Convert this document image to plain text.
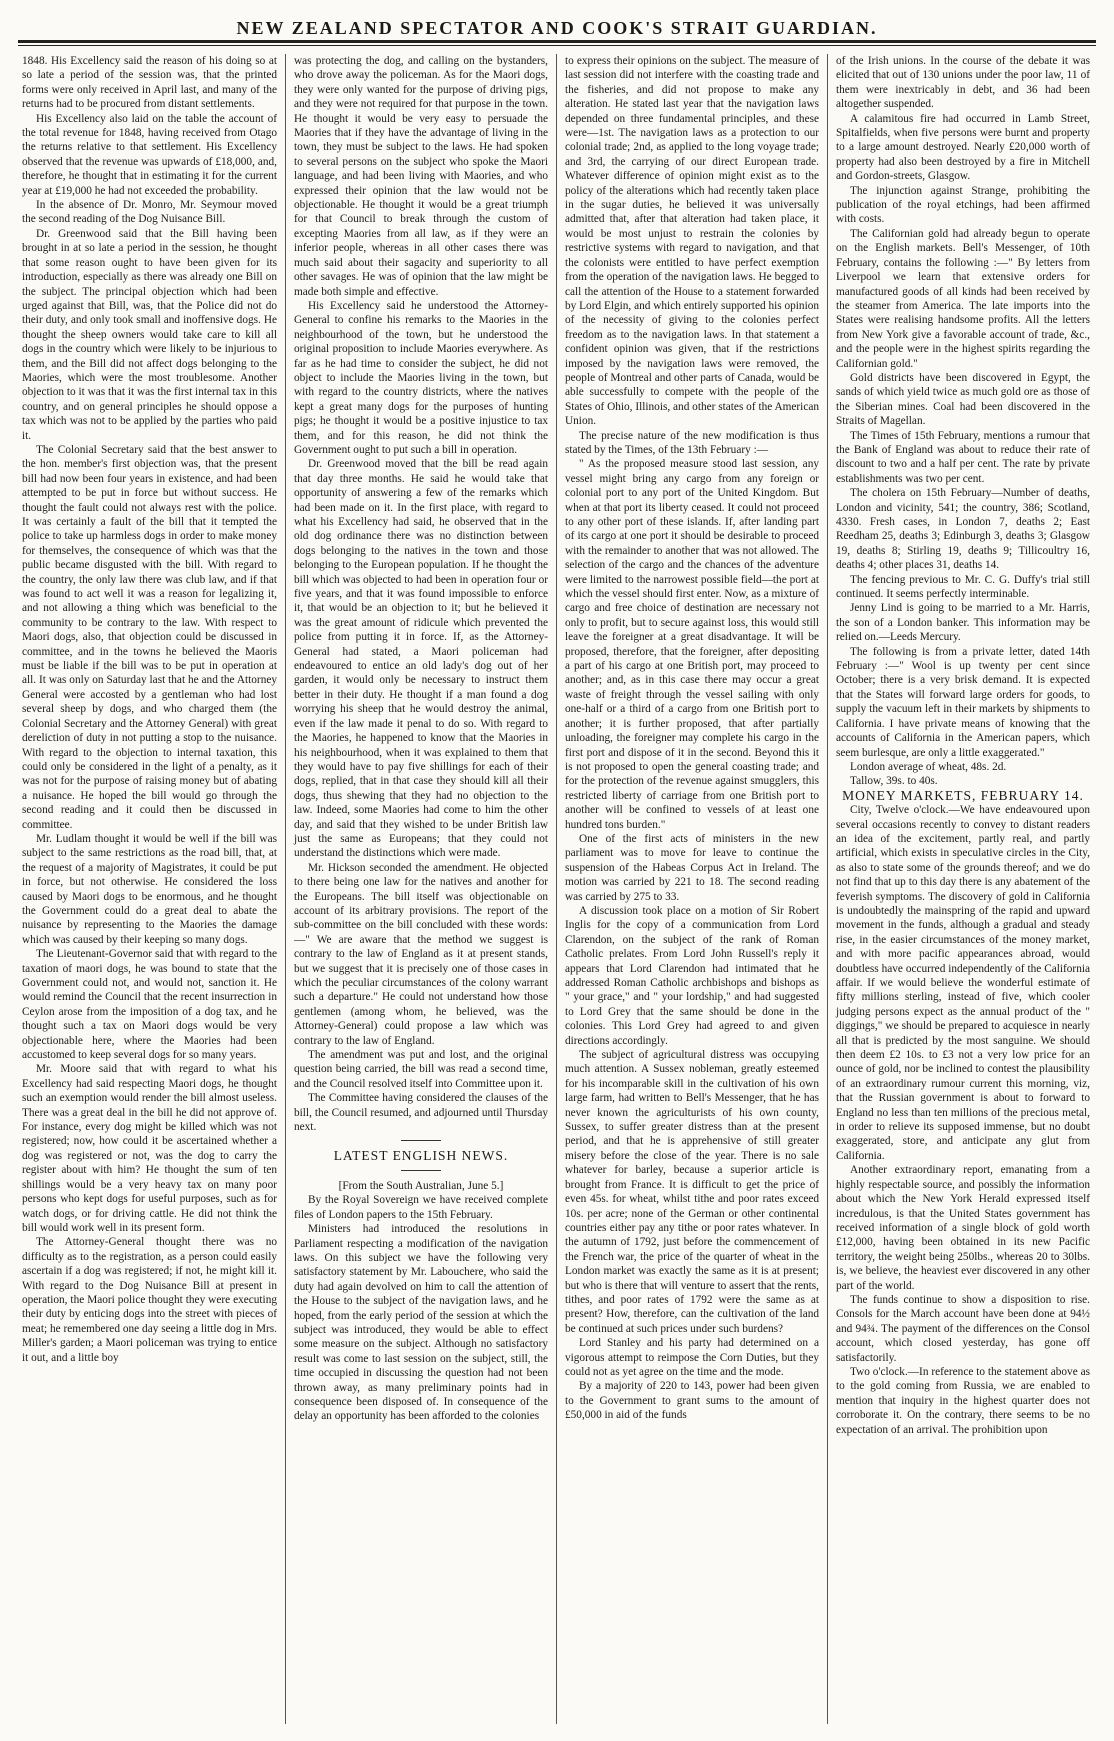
NEW ZEALAND SPECTATOR AND COOK'S STRAIT GUARDIAN.

1848. His Excellency said the reason of his doing so at so late a period of the session was, that the printed forms were only received in April last, and many of the returns had to be procured from distant settlements.

His Excellency also laid on the table the account of the total revenue for 1848, having received from Otago the returns relative to that settlement. His Excellency observed that the revenue was upwards of £18,000, and, therefore, he thought that in estimating it for the current year at £19,000 he had not exceeded the probability.

In the absence of Dr. Monro, Mr. Seymour moved the second reading of the Dog Nuisance Bill.

Dr. Greenwood said that the Bill having been brought in at so late a period in the session, he thought that some reason ought to have been given for its introduction, especially as there was already one Bill on the subject. The principal objection which had been urged against that Bill, was, that the Police did not do their duty, and only took small and inoffensive dogs. He thought the sheep owners would take care to kill all dogs in the country which were likely to be injurious to them, and the Bill did not affect dogs belonging to the Maories, which were the most troublesome. Another objection to it was that it was the first internal tax in this country, and on general principles he should oppose a tax which was not to be applied by the parties who paid it.

The Colonial Secretary said that the best answer to the hon. member's first objection was, that the present bill had now been four years in existence, and had been attempted to be put in force but without success. He thought the fault could not always rest with the police. It was certainly a fault of the bill that it tempted the police to take up harmless dogs in order to make money for themselves, the consequence of which was that the public became disgusted with the bill. With regard to the country, the only law there was club law, and if that was found to act well it was a reason for legalizing it, and not allowing a thing which was beneficial to the community to be contrary to the law. With respect to Maori dogs, also, that objection could be discussed in committee, and in the towns he believed the Maoris must be liable if the bill was to be put in operation at all. It was only on Saturday last that he and the Attorney General were accosted by a gentleman who had lost several sheep by dogs, and who charged them (the Colonial Secretary and the Attorney General) with great dereliction of duty in not putting a stop to the nuisance. With regard to the objection to internal taxation, this could only be considered in the light of a penalty, as it was not for the purpose of raising money but of abating a nuisance. He hoped the bill would go through the second reading and it could then be discussed in committee.

Mr. Ludlam thought it would be well if the bill was subject to the same restrictions as the road bill, that, at the request of a majority of Magistrates, it could be put in force, but not otherwise. He considered the loss caused by Maori dogs to be enormous, and he thought the Government could do a great deal to abate the nuisance by representing to the Maories the damage which was caused by their keeping so many dogs.

The Lieutenant-Governor said that with regard to the taxation of maori dogs, he was bound to state that the Government could not, and would not, sanction it. He would remind the Council that the recent insurrection in Ceylon arose from the imposition of a dog tax, and he thought such a tax on Maori dogs would be very objectionable here, where the Maories had been accustomed to keep several dogs for so many years.

Mr. Moore said that with regard to what his Excellency had said respecting Maori dogs, he thought such an exemption would render the bill almost useless. There was a great deal in the bill he did not approve of. For instance, every dog might be killed which was not registered; now, how could it be ascertained whether a dog was registered or not, was the dog to carry the register about with him? He thought the sum of ten shillings would be a very heavy tax on many poor persons who kept dogs for useful purposes, such as for watch dogs, or for driving cattle. He did not think the bill would work well in its present form.

The Attorney-General thought there was no difficulty as to the registration, as a person could easily ascertain if a dog was registered; if not, he might kill it. With regard to the Dog Nuisance Bill at present in operation, the Maori police thought they were executing their duty by enticing dogs into the street with pieces of meat; he remembered one day seeing a little dog in Mrs. Miller's garden; a Maori policeman was trying to entice it out, and a little boy

was protecting the dog, and calling on the bystanders, who drove away the policeman. As for the Maori dogs, they were only wanted for the purpose of driving pigs, and they were not required for that purpose in the town. He thought it would be very easy to persuade the Maories that if they have the advantage of living in the town, they must be subject to the laws. He had spoken to several persons on the subject who spoke the Maori language, and had been living with Maories, and who expressed their opinion that the law would not be objectionable. He thought it would be a great triumph for that Council to break through the custom of excepting Maories from all law, as if they were an inferior people, whereas in all other cases there was much said about their sagacity and superiority to all other savages. He was of opinion that the law might be made both simple and effective.

His Excellency said he understood the Attorney-General to confine his remarks to the Maories in the neighbourhood of the town, but he understood the original proposition to include Maories everywhere. As far as he had time to consider the subject, he did not object to include the Maories living in the town, but with regard to the country districts, where the natives kept a great many dogs for the purposes of hunting pigs; he thought it would be a positive injustice to tax them, and for this reason, he did not think the Government ought to put such a bill in operation.

Dr. Greenwood moved that the bill be read again that day three months. He said he would take that opportunity of answering a few of the remarks which had been made on it. In the first place, with regard to what his Excellency had said, he observed that in the old dog ordinance there was no distinction between dogs belonging to the natives in the town and those belonging to the European population. If he thought the bill which was objected to had been in operation four or five years, and that it was found impossible to enforce it, that would be an objection to it; but he believed it was the great amount of ridicule which prevented the police from putting it in force. If, as the Attorney-General had stated, a Maori policeman had endeavoured to entice an old lady's dog out of her garden, it would only be necessary to instruct them better in their duty. He thought if a man found a dog worrying his sheep that he would destroy the animal, even if the law made it penal to do so. With regard to the Maories, he happened to know that the Maories in his neighbourhood, when it was explained to them that they would have to pay five shillings for each of their dogs, replied, that in that case they should kill all their dogs, thus shewing that they had no objection to the law. Indeed, some Maories had come to him the other day, and said that they wished to be under British law just the same as Europeans; that they could not understand the distinctions which were made.

Mr. Hickson seconded the amendment. He objected to there being one law for the natives and another for the Europeans. The bill itself was objectionable on account of its arbitrary provisions. The report of the sub-committee on the bill concluded with these words:—" We are aware that the method we suggest is contrary to the law of England as it at present stands, but we suggest that it is precisely one of those cases in which the peculiar circumstances of the colony warrant such a departure." He could not understand how those gentlemen (among whom, he believed, was the Attorney-General) could propose a law which was contrary to the law of England.

The amendment was put and lost, and the original question being carried, the bill was read a second time, and the Council resolved itself into Committee upon it.

The Committee having considered the clauses of the bill, the Council resumed, and adjourned until Thursday next.

LATEST ENGLISH NEWS.

[From the South Australian, June 5.]

By the Royal Sovereign we have received complete files of London papers to the 15th February.

Ministers had introduced the resolutions in Parliament respecting a modification of the navigation laws. On this subject we have the following very satisfactory statement by Mr. Labouchere, who said the duty had again devolved on him to call the attention of the House to the subject of the navigation laws, and he hoped, from the early period of the session at which the subject was introduced, they would be able to effect some measure on the subject. Although no satisfactory result was come to last session on the subject, still, the time occupied in discussing the question had not been thrown away, as many preliminary points had in consequence been disposed of. In consequence of the delay an opportunity has been afforded to the colonies

to express their opinions on the subject. The measure of last session did not interfere with the coasting trade and the fisheries, and did not propose to make any alteration. He stated last year that the navigation laws depended on three fundamental principles, and these were—1st. The navigation laws as a protection to our colonial trade; 2nd, as applied to the long voyage trade; and 3rd, the carrying of our direct European trade. Whatever difference of opinion might exist as to the policy of the alterations which had recently taken place in the sugar duties, he believed it was universally admitted that, after that alteration had taken place, it would be most unjust to restrain the colonies by restrictive systems with regard to navigation, and that the colonists were entitled to have perfect exemption from the operation of the navigation laws. He begged to call the attention of the House to a statement forwarded by Lord Elgin, and which entirely supported his opinion of the necessity of giving to the colonies perfect freedom as to the navigation laws. In that statement a confident opinion was given, that if the restrictions imposed by the navigation laws were removed, the people of Montreal and other parts of Canada, would be able successfully to compete with the people of the States of Ohio, Illinois, and other states of the American Union.

The precise nature of the new modification is thus stated by the Times, of the 13th February :—

" As the proposed measure stood last session, any vessel might bring any cargo from any foreign or colonial port to any port of the United Kingdom. But when at that port its liberty ceased. It could not proceed to any other port of these islands. If, after landing part of its cargo at one port it should be desirable to proceed with the remainder to another that was not allowed. The selection of the cargo and the chances of the adventure were limited to the narrowest possible field—the port at which the vessel should first enter. Now, as a mixture of cargo and free choice of destination are necessary not only to profit, but to secure against loss, this would still leave the foreigner at a great disadvantage. It will be proposed, therefore, that the foreigner, after depositing a part of his cargo at one British port, may proceed to another; and, as in this case there may occur a great waste of freight through the vessel sailing with only one-half or a third of a cargo from one British port to another; it is further proposed, that after partially unloading, the foreigner may complete his cargo in the first port and dispose of it in the second. Beyond this it is not proposed to open the general coasting trade; and for the protection of the revenue against smugglers, this restricted liberty of carriage from one British port to another will be confined to vessels of at least one hundred tons burden."

One of the first acts of ministers in the new parliament was to move for leave to continue the suspension of the Habeas Corpus Act in Ireland. The motion was carried by 221 to 18. The second reading was carried by 275 to 33.

A discussion took place on a motion of Sir Robert Inglis for the copy of a communication from Lord Clarendon, on the subject of the rank of Roman Catholic prelates. From Lord John Russell's reply it appears that Lord Clarendon had intimated that he addressed Roman Catholic archbishops and bishops as " your grace," and " your lordship," and had suggested to Lord Grey that the same should be done in the colonies. This Lord Grey had agreed to and given directions accordingly.

The subject of agricultural distress was occupying much attention. A Sussex nobleman, greatly esteemed for his incomparable skill in the cultivation of his own large farm, had written to Bell's Messenger, that he has never known the agriculturists of his own county, Sussex, to suffer greater distress than at the present period, and that he is apprehensive of still greater misery before the close of the year. There is no sale whatever for barley, because a superior article is brought from France. It is difficult to get the price of even 45s. for wheat, whilst tithe and poor rates exceed 10s. per acre; none of the German or other continental countries either pay any tithe or poor rates whatever. In the autumn of 1792, just before the commencement of the French war, the price of the quarter of wheat in the London market was exactly the same as it is at present; but who is there that will venture to assert that the rents, tithes, and poor rates of 1792 were the same as at present? How, therefore, can the cultivation of the land be continued at such prices under such burdens?

Lord Stanley and his party had determined on a vigorous attempt to reimpose the Corn Duties, but they could not as yet agree on the time and the mode.

By a majority of 220 to 143, power had been given to the Government to grant sums to the amount of £50,000 in aid of the funds

of the Irish unions. In the course of the debate it was elicited that out of 130 unions under the poor law, 11 of them were inextricably in debt, and 36 had been altogether suspended.

A calamitous fire had occurred in Lamb Street, Spitalfields, when five persons were burnt and property to a large amount destroyed. Nearly £20,000 worth of property had also been destroyed by a fire in Mitchell and Gordon-streets, Glasgow.

The injunction against Strange, prohibiting the publication of the royal etchings, had been affirmed with costs.

The Californian gold had already begun to operate on the English markets. Bell's Messenger, of 10th February, contains the following :—" By letters from Liverpool we learn that extensive orders for manufactured goods of all kinds had been received by the steamer from America. The late imports into the States were realising handsome profits. All the letters from New York give a favorable account of trade, &c., and the people were in the highest spirits regarding the Californian gold."

Gold districts have been discovered in Egypt, the sands of which yield twice as much gold ore as those of the Siberian mines. Coal had been discovered in the Straits of Magellan.

The Times of 15th February, mentions a rumour that the Bank of England was about to reduce their rate of discount to two and a half per cent. The rate by private establishments was two per cent.

The cholera on 15th February—Number of deaths, London and vicinity, 541; the country, 386; Scotland, 4330. Fresh cases, in London 7, deaths 2; East Reedham 25, deaths 3; Edinburgh 3, deaths 3; Glasgow 19, deaths 8; Stirling 19, deaths 9; Tillicoultry 16, deaths 4; other places 31, deaths 14.

The fencing previous to Mr. C. G. Duffy's trial still continued. It seems perfectly interminable.

Jenny Lind is going to be married to a Mr. Harris, the son of a London banker. This information may be relied on.—Leeds Mercury.

The following is from a private letter, dated 14th February :—" Wool is up twenty per cent since October; there is a very brisk demand. It is expected that the States will forward large orders for goods, to supply the vacuum left in their markets by shipments to California. I have private means of knowing that the accounts of California in the American papers, which seem burlesque, are only a little exaggerated."

London average of wheat, 48s. 2d.

Tallow, 39s. to 40s.

MONEY MARKETS, FEBRUARY 14.

City, Twelve o'clock.—We have endeavoured upon several occasions recently to convey to distant readers an idea of the excitement, partly real, and partly artificial, which exists in speculative circles in the City, as also to state some of the grounds thereof; and we do not find that up to this day there is any abatement of the feverish symptoms. The discovery of gold in California is undoubtedly the mainspring of the rapid and upward movement in the funds, although a gradual and steady rise, in the easier circumstances of the money market, and with more pacific appearances abroad, would doubtless have occurred independently of the California affair. If we would believe the wonderful estimate of fifty millions sterling, instead of five, which cooler judging persons expect as the annual product of the " diggings," we should be prepared to acquiesce in nearly all that is predicted by the most sanguine. We should then deem £2 10s. to £3 not a very low price for an ounce of gold, nor be inclined to contest the plausibility of an extraordinary rumour current this morning, viz, that the Russian government is about to forward to England no less than ten millions of the precious metal, in order to relieve its supposed immense, but no doubt exaggerated, store, and anticipate any glut from California.

Another extraordinary report, emanating from a highly respectable source, and possibly the information about which the New York Herald expressed itself incredulous, is that the United States government has received information of a single block of gold worth £12,000, having been obtained in its new Pacific territory, the weight being 250lbs., whereas 20 to 30lbs. is, we believe, the heaviest ever discovered in any other part of the world.

The funds continue to show a disposition to rise. Consols for the March account have been done at 94½ and 94¾. The payment of the differences on the Consol account, which closed yesterday, has gone off satisfactorily.

Two o'clock.—In reference to the statement above as to the gold coming from Russia, we are enabled to mention that inquiry in the highest quarter does not corroborate it. On the contrary, there seems to be no expectation of an arrival. The prohibition upon
